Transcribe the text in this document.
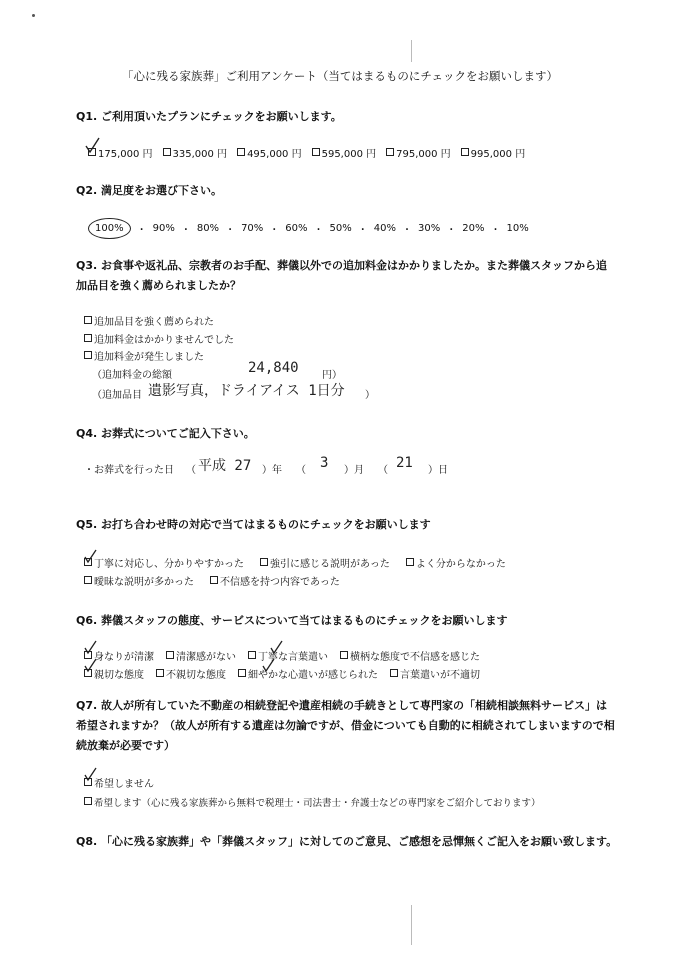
「心に残る家族葬」ご利用アンケート（当てはまるものにチェックをお願いします）
Q1. ご利用頂いたプランにチェックをお願いします。
175,000 円	335,000 円	495,000 円	595,000 円	795,000 円	995,000 円
Q2. 満足度をお選び下さい。
100%	・ 90% ・ 80% ・ 70% ・ 60% ・ 50% ・ 40% ・ 30% ・ 20% ・ 10%
Q3. お食事や返礼品、宗教者のお手配、葬儀以外での追加料金はかかりましたか。また葬儀スタッフから追加品目を強く薦められましたか？
追加品目を強く薦められた
追加料金はかかりませんでした
追加料金が発生しました
（追加料金の総額	24,840 円）
（追加品目 遺影写真，ドライアイス 1日分 ）
Q4. お葬式についてご記入下さい。
・お葬式を行った日 （ 平成 27 ）年 （ 3 ）月 （ 21 ）日
Q5. お打ち合わせ時の対応で当てはまるものにチェックをお願いします
丁寧に対応し、分かりやすかった	強引に感じる説明があった	よく分からなかった
曖昧な説明が多かった	不信感を持つ内容であった
Q6. 葬儀スタッフの態度、サービスについて当てはまるものにチェックをお願いします
身なりが清潔	清潔感がない	丁寧な言葉遣い	横柄な態度で不信感を感じた
親切な態度	不親切な態度	細やかな心遣いが感じられた	言葉遣いが不適切
Q7. 故人が所有していた不動産の相続登記や遺産相続の手続きとして専門家の「相続相談無料サービス」は希望されますか？（故人が所有する遺産は勿論ですが、借金についても自動的に相続されてしまいますので相続放棄が必要です）
希望しません
希望します（心に残る家族葬から無料で税理士・司法書士・弁護士などの専門家をご紹介しております）
Q8. 「心に残る家族葬」や「葬儀スタッフ」に対してのご意見、ご感想を忌憚無くご記入をお願い致します。
